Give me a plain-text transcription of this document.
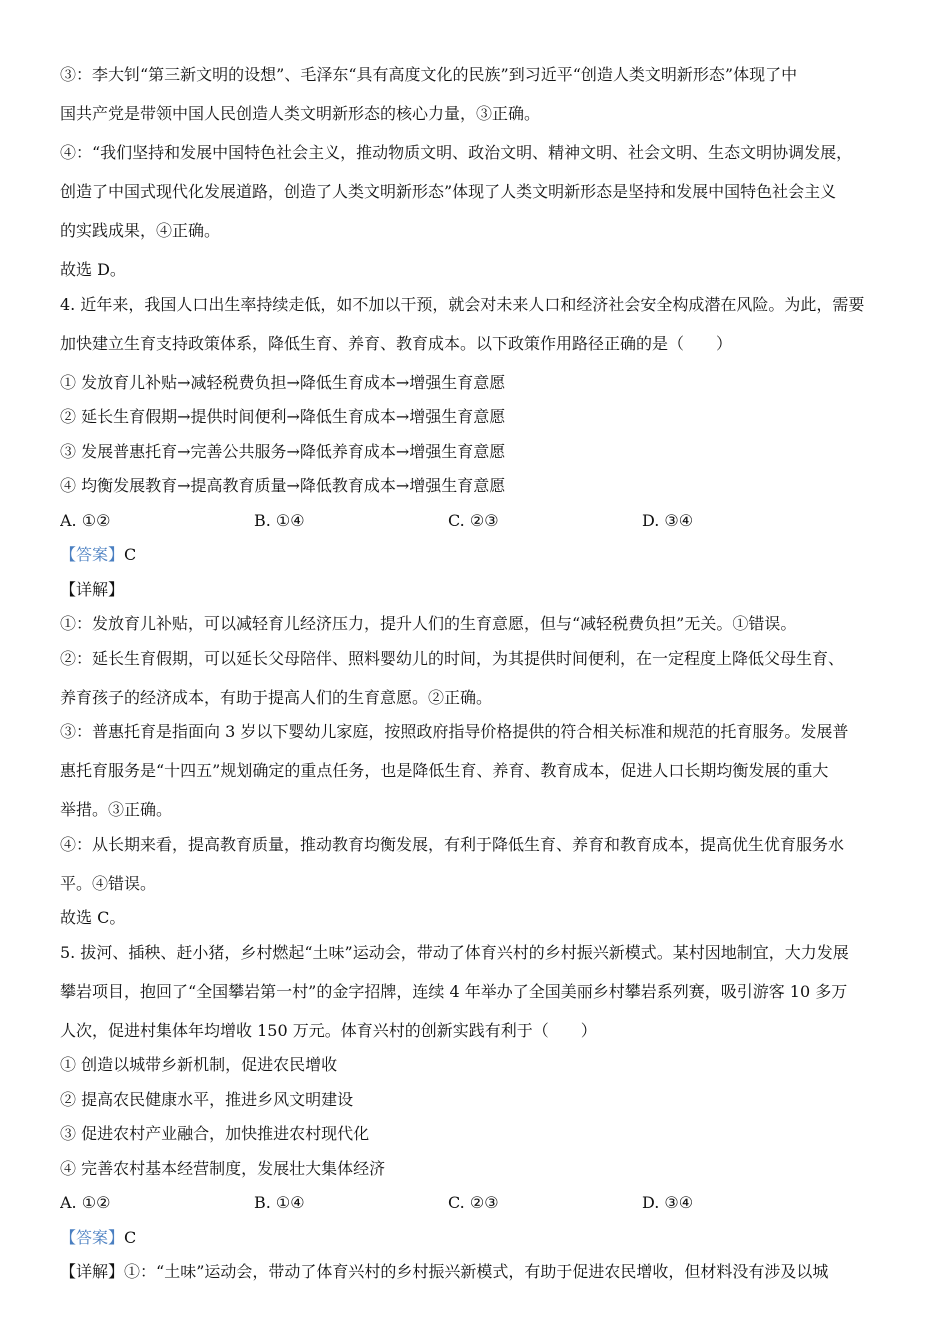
③：李大钊“第三新文明的设想”、毛泽东“具有高度文化的民族”到习近平“创造人类文明新形态”体现了中
国共产党是带领中国人民创造人类文明新形态的核心力量，③正确。
④：“我们坚持和发展中国特色社会主义，推动物质文明、政治文明、精神文明、社会文明、生态文明协调发展，
创造了中国式现代化发展道路，创造了人类文明新形态”体现了人类文明新形态是坚持和发展中国特色社会主义
的实践成果，④正确。
故选 D。
4. 近年来，我国人口出生率持续走低，如不加以干预，就会对未来人口和经济社会安全构成潜在风险。为此，需要
加快建立生育支持政策体系，降低生育、养育、教育成本。以下政策作用路径正确的是（　　）
① 发放育儿补贴→减轻税费负担→降低生育成本→增强生育意愿
② 延长生育假期→提供时间便利→降低生育成本→增强生育意愿
③ 发展普惠托育→完善公共服务→降低养育成本→增强生育意愿
④ 均衡发展教育→提高教育质量→降低教育成本→增强生育意愿
A. ①②	B. ①④	C. ②③	D. ③④
【答案】C
【详解】
①：发放育儿补贴，可以减轻育儿经济压力，提升人们的生育意愿，但与“减轻税费负担”无关。①错误。
②：延长生育假期，可以延长父母陪伴、照料婴幼儿的时间，为其提供时间便利，在一定程度上降低父母生育、
养育孩子的经济成本，有助于提高人们的生育意愿。②正确。
③：普惠托育是指面向 3 岁以下婴幼儿家庭，按照政府指导价格提供的符合相关标准和规范的托育服务。发展普
惠托育服务是“十四五”规划确定的重点任务，也是降低生育、养育、教育成本，促进人口长期均衡发展的重大
举措。③正确。
④：从长期来看，提高教育质量，推动教育均衡发展，有利于降低生育、养育和教育成本，提高优生优育服务水
平。④错误。
故选 C。
5. 拔河、插秧、赶小猪，乡村燃起“土味”运动会，带动了体育兴村的乡村振兴新模式。某村因地制宜，大力发展
攀岩项目，抱回了“全国攀岩第一村”的金字招牌，连续 4 年举办了全国美丽乡村攀岩系列赛，吸引游客 10 多万
人次，促进村集体年均增收 150 万元。体育兴村的创新实践有利于（　　）
① 创造以城带乡新机制，促进农民增收
② 提高农民健康水平，推进乡风文明建设
③ 促进农村产业融合，加快推进农村现代化
④ 完善农村基本经营制度，发展壮大集体经济
A. ①②	B. ①④	C. ②③	D. ③④
【答案】C
【详解】①：“土味”运动会，带动了体育兴村的乡村振兴新模式，有助于促进农民增收，但材料没有涉及以城
